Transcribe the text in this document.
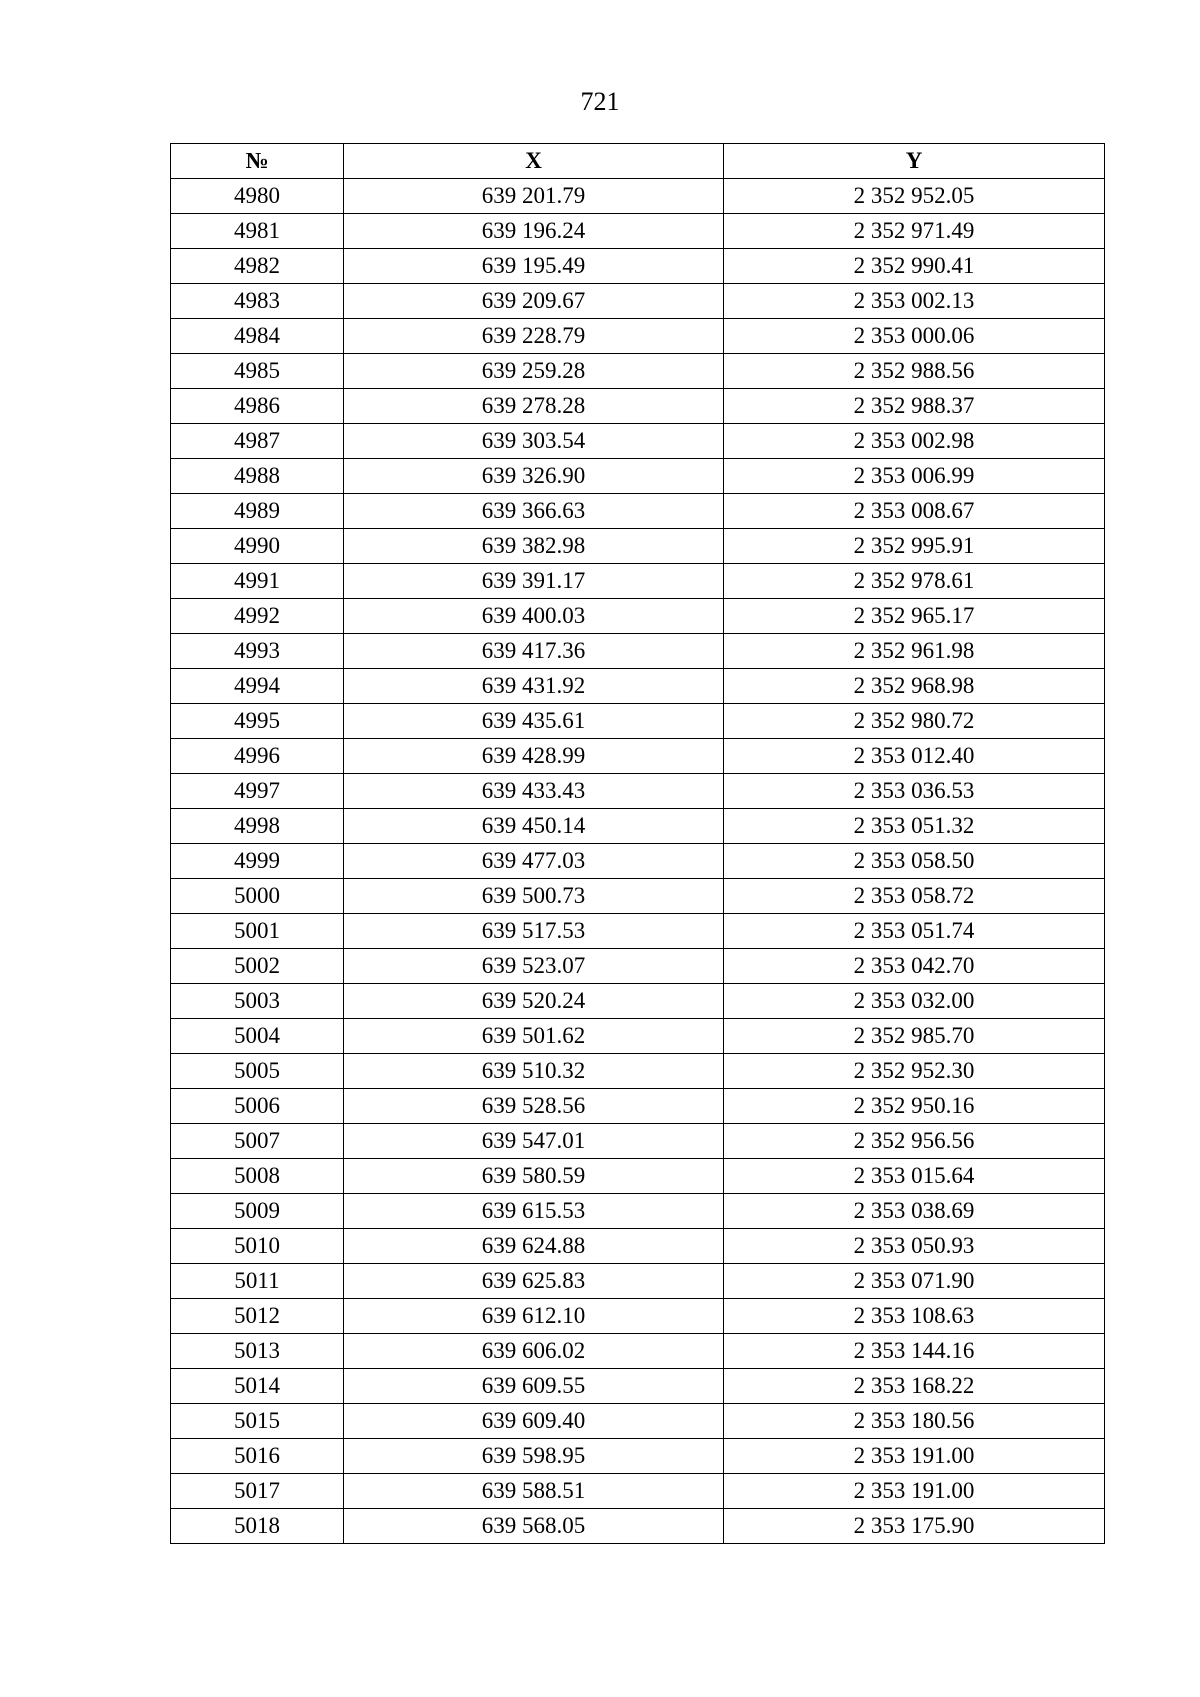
721
№	X	Y
4980	639 201.79	2 352 952.05
4981	639 196.24	2 352 971.49
4982	639 195.49	2 352 990.41
4983	639 209.67	2 353 002.13
4984	639 228.79	2 353 000.06
4985	639 259.28	2 352 988.56
4986	639 278.28	2 352 988.37
4987	639 303.54	2 353 002.98
4988	639 326.90	2 353 006.99
4989	639 366.63	2 353 008.67
4990	639 382.98	2 352 995.91
4991	639 391.17	2 352 978.61
4992	639 400.03	2 352 965.17
4993	639 417.36	2 352 961.98
4994	639 431.92	2 352 968.98
4995	639 435.61	2 352 980.72
4996	639 428.99	2 353 012.40
4997	639 433.43	2 353 036.53
4998	639 450.14	2 353 051.32
4999	639 477.03	2 353 058.50
5000	639 500.73	2 353 058.72
5001	639 517.53	2 353 051.74
5002	639 523.07	2 353 042.70
5003	639 520.24	2 353 032.00
5004	639 501.62	2 352 985.70
5005	639 510.32	2 352 952.30
5006	639 528.56	2 352 950.16
5007	639 547.01	2 352 956.56
5008	639 580.59	2 353 015.64
5009	639 615.53	2 353 038.69
5010	639 624.88	2 353 050.93
5011	639 625.83	2 353 071.90
5012	639 612.10	2 353 108.63
5013	639 606.02	2 353 144.16
5014	639 609.55	2 353 168.22
5015	639 609.40	2 353 180.56
5016	639 598.95	2 353 191.00
5017	639 588.51	2 353 191.00
5018	639 568.05	2 353 175.90
